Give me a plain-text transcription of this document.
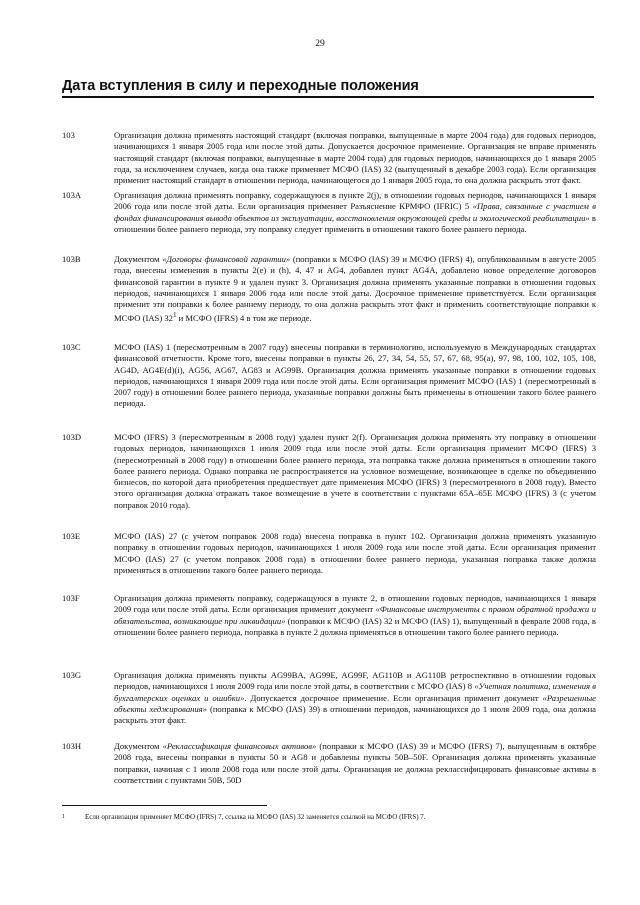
29
Дата вступления в силу и переходные положения
103	Организация должна применять настоящий стандарт (включая поправки, выпущенные в марте 2004 года) для годовых периодов, начинающихся 1 января 2005 года или после этой даты. Допускается досрочное применение. Организация не вправе применять настоящий стандарт (включая поправки, выпущенные в марте 2004 года) для годовых периодов, начинающихся до 1 января 2005 года, за исключением случаев, когда она также применяет МСФО (IAS) 32 (выпущенный в декабре 2003 года). Если организация применит настоящий стандарт в отношении периода, начинающегося до 1 января 2005 года, то она должна раскрыть этот факт.
103A	Организация должна применять поправку, содержащуюся в пункте 2(j), в отношении годовых периодов, начинающихся 1 января 2006 года или после этой даты. Если организация применяет Разъяснение КРМФО (IFRIC) 5 «Права, связанные с участием в фондах финансирования вывода объектов из эксплуатации, восстановления окружающей среды и экологической реабилитации» в отношении более раннего периода, эту поправку следует применить в отношении такого более раннего периода.
103B	Документом «Договоры финансовой гарантии» (поправки к МСФО (IAS) 39 и МСФО (IFRS) 4), опубликованным в августе 2005 года, внесены изменения в пункты 2(e) и (h), 4, 47 и AG4, добавлен пункт AG4A, добавлено новое определение договоров финансовой гарантии в пункте 9 и удален пункт 3. Организация должна применять указанные поправки в отношении годовых периодов, начинающихся 1 января 2006 года или после этой даты. Досрочное применение приветствуется. Если организация применит эти поправки к более раннему периоду, то она должна раскрыть этот факт и применить соответствующие поправки к МСФО (IAS) $32^1$ и МСФО (IFRS) 4 в том же периоде.
103C	МСФО (IAS) 1 (пересмотренным в 2007 году) внесены поправки в терминологию, используемую в Международных стандартах финансовой отчетности. Кроме того, внесены поправки в пункты 26, 27, 34, 54, 55, 57, 67, 68, 95(a), 97, 98, 100, 102, 105, 108, AG4D, AG4E(d)(i), AG56, AG67, AG83 и AG99B. Организация должна применять указанные поправки в отношении годовых периодов, начинающихся 1 января 2009 года или после этой даты. Если организация применит МСФО (IAS) 1 (пересмотренный в 2007 году) в отношении более раннего периода, указанные поправки должны быть применены в отношении такого более раннего периода.
103D	МСФО (IFRS) 3 (пересмотренным в 2008 году) удален пункт 2(f). Организация должна применять эту поправку в отношении годовых периодов, начинающихся 1 июля 2009 года или после этой даты. Если организация применит МСФО (IFRS) 3 (пересмотренный в 2008 году) в отношении более раннего периода, эта поправка также должна применяться в отношении такого более раннего периода. Однако поправка не распространяется на условное возмещение, возникающее в сделке по объединению бизнесов, по которой дата приобретения предшествует дате применения МСФО (IFRS) 3 (пересмотренного в 2008 году). Вместо этого организация должна отражать такое возмещение в учете в соответствии с пунктами 65A–65E МСФО (IFRS) 3 (с учетом поправок 2010 года).
103E	МСФО (IAS) 27 (с учетом поправок 2008 года) внесена поправка в пункт 102. Организация должна применять указанную поправку в отношении годовых периодов, начинающихся 1 июля 2009 года или после этой даты. Если организация применит МСФО (IAS) 27 (с учетом поправок 2008 года) в отношении более раннего периода, указанная поправка также должна применяться в отношении такого более раннего периода.
103F	Организация должна применять поправку, содержащуюся в пункте 2, в отношении годовых периодов, начинающихся 1 января 2009 года или после этой даты. Если организация применит документ «Финансовые инструменты с правом обратной продажи и обязательства, возникающие при ликвидации» (поправки к МСФО (IAS) 32 и МСФО (IAS) 1), выпущенный в феврале 2008 года, в отношении более раннего периода, поправка в пункте 2 должна применяться в отношении такого более раннего периода.
103G	Организация должна применять пункты AG99BA, AG99E, AG99F, AG110B и AG110B ретроспективно в отношении годовых периодов, начинающихся 1 июля 2009 года или после этой даты, в соответствии с МСФО (IAS) 8 «Учетная политика, изменения в бухгалтерских оценках и ошибки». Допускается досрочное применение. Если организация применит документ «Разрешенные объекты хеджирования» (поправка к МСФО (IAS) 39) в отношении периодов, начинающихся до 1 июля 2009 года, она должна раскрыть этот факт.
103H	Документом «Реклассификация финансовых активов» (поправки к МСФО (IAS) 39 и МСФО (IFRS) 7), выпущенным в октябре 2008 года, внесены поправки в пункты 50 и AG8 и добавлены пункты 50B–50F. Организация должна применять указанные поправки, начиная с 1 июля 2008 года или после этой даты. Организация не должна реклассифицировать финансовые активы в соответствии с пунктами 50B, 50D
1	Если организация применяет МСФО (IFRS) 7, ссылка на МСФО (IAS) 32 заменяется ссылкой на МСФО (IFRS) 7.
